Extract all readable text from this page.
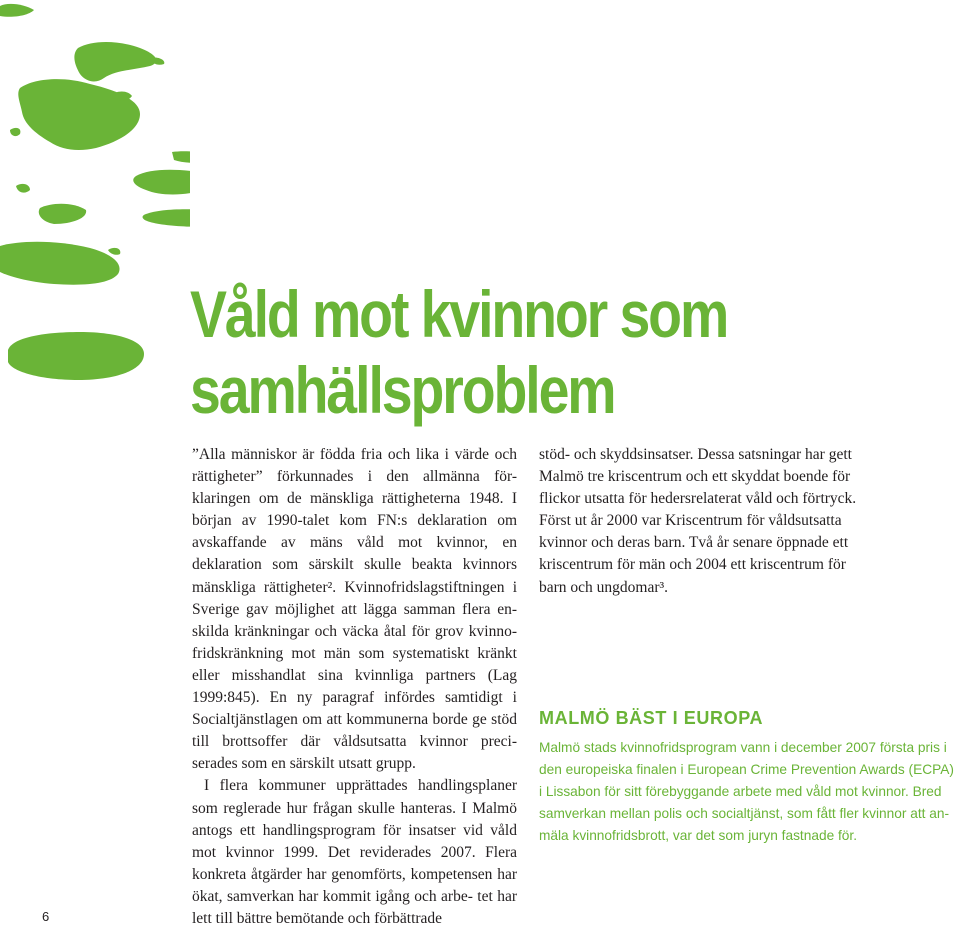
Våld mot kvinnor som
samhällsproblem

”Alla människor är födda fria och lika i värde och rättigheter” förkunnades i den allmänna för- klaringen om de mänskliga rättigheterna 1948. I början av 1990-talet kom FN:s deklaration om avskaffande av mäns våld mot kvinnor, en deklaration som särskilt skulle beakta kvinnors mänskliga rättigheter². Kvinnofridslagstiftningen i Sverige gav möjlighet att lägga samman flera en- skilda kränkningar och väcka åtal för grov kvinno- fridskränkning mot män som systematiskt kränkt eller misshandlat sina kvinnliga partners (Lag 1999:845). En ny paragraf infördes samtidigt i Socialtjänstlagen om att kommunerna borde ge stöd till brottsoffer där våldsutsatta kvinnor preci- serades som en särskilt utsatt grupp.

I flera kommuner upprättades handlingsplaner som reglerade hur frågan skulle hanteras. I Malmö antogs ett handlingsprogram för insatser vid våld mot kvinnor 1999. Det reviderades 2007. Flera konkreta åtgärder har genomförts, kompetensen har ökat, samverkan har kommit igång och arbe- tet har lett till bättre bemötande och förbättrade

stöd- och skyddsinsatser. Dessa satsningar har gett Malmö tre kriscentrum och ett skyddat boende för flickor utsatta för hedersrelaterat våld och förtryck. Först ut år 2000 var Kriscentrum för våldsutsatta kvinnor och deras barn. Två år senare öppnade ett kriscentrum för män och 2004 ett kriscentrum för barn och ungdomar³.

MALMÖ BÄST I EUROPA

Malmö stads kvinnofridsprogram vann i december 2007 första pris i den europeiska finalen i European Crime Prevention Awards (ECPA) i Lissabon för sitt förebyggande arbete med våld mot kvinnor. Bred samverkan mellan polis och socialtjänst, som fått fler kvinnor att an- mäla kvinnofridsbrott, var det som juryn fastnade för.

6
